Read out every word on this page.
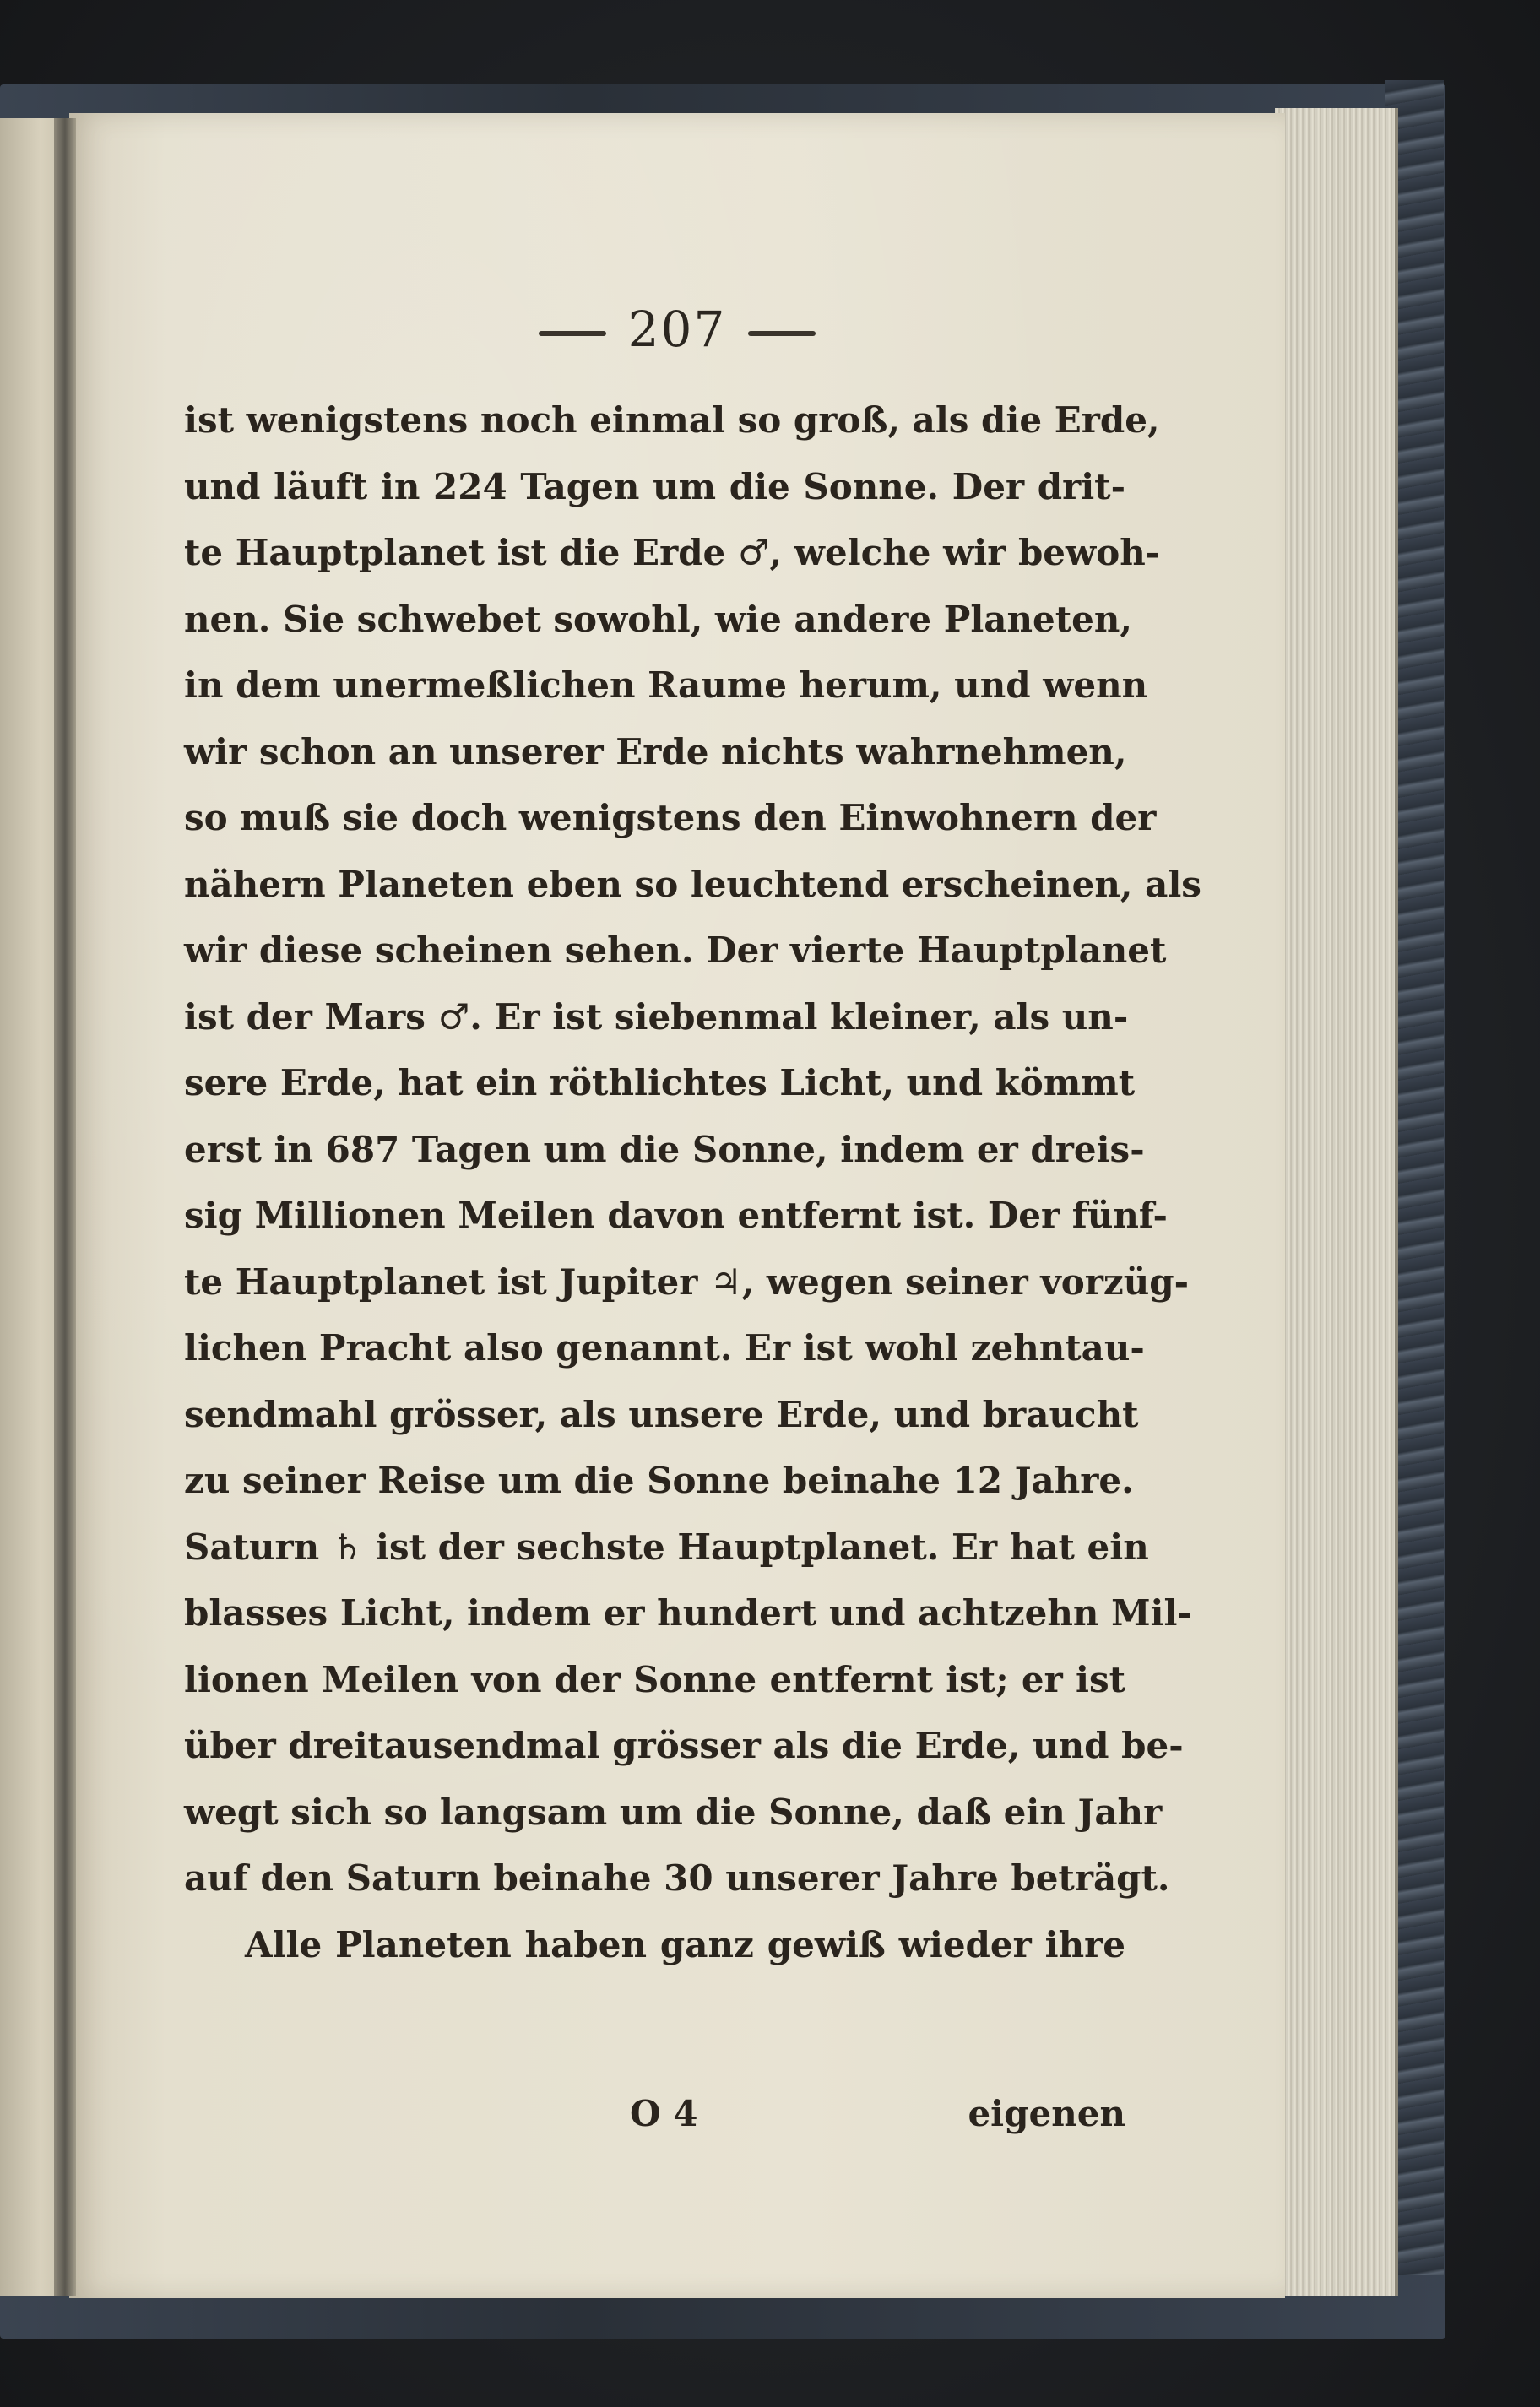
207
ist wenigstens noch einmal so groß, als die Erde,
und läuft in 224 Tagen um die Sonne. Der drit-
te Hauptplanet ist die Erde ♂, welche wir bewoh-
nen. Sie schwebet sowohl, wie andere Planeten,
in dem unermeßlichen Raume herum, und wenn
wir schon an unserer Erde nichts wahrnehmen,
so muß sie doch wenigstens den Einwohnern der
nähern Planeten eben so leuchtend erscheinen, als
wir diese scheinen sehen. Der vierte Hauptplanet
ist der Mars ♂. Er ist siebenmal kleiner, als un-
sere Erde, hat ein röthlichtes Licht, und kömmt
erst in 687 Tagen um die Sonne, indem er dreis-
sig Millionen Meilen davon entfernt ist. Der fünf-
te Hauptplanet ist Jupiter ♃, wegen seiner vorzüg-
lichen Pracht also genannt. Er ist wohl zehntau-
sendmahl grösser, als unsere Erde, und braucht
zu seiner Reise um die Sonne beinahe 12 Jahre.
Saturn ♄ ist der sechste Hauptplanet. Er hat ein
blasses Licht, indem er hundert und achtzehn Mil-
lionen Meilen von der Sonne entfernt ist; er ist
über dreitausendmal grösser als die Erde, und be-
wegt sich so langsam um die Sonne, daß ein Jahr
auf den Saturn beinahe 30 unserer Jahre beträgt.
Alle Planeten haben ganz gewiß wieder ihre
O 4	eigenen
